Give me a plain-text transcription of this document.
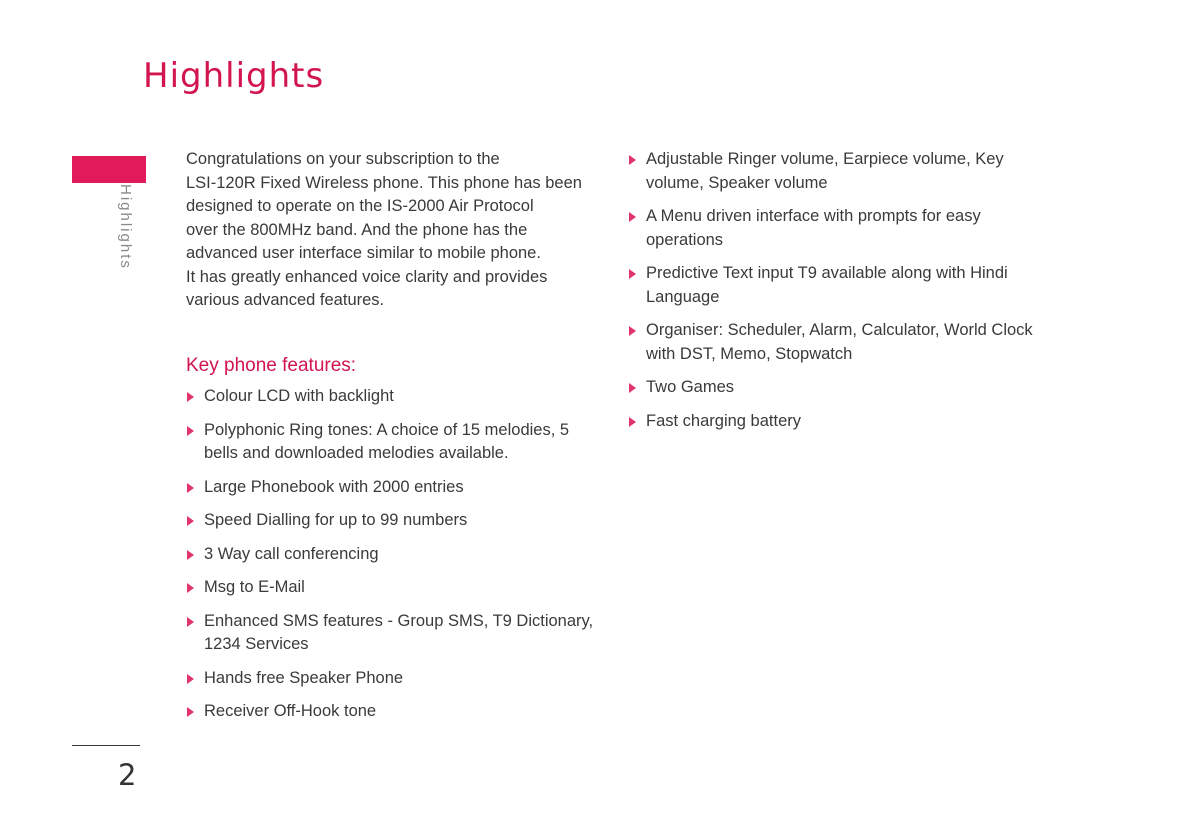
Highlights
Highlights

Congratulations on your subscription to the
LSI-120R Fixed Wireless phone. This phone has been
designed to operate on the IS-2000 Air Protocol
over the 800MHz band. And the phone has the
advanced user interface similar to mobile phone.
It has greatly enhanced voice clarity and provides
various advanced features.

Key phone features:
Colour LCD with backlight
Polyphonic Ring tones: A choice of 15 melodies, 5 bells and downloaded melodies available.
Large Phonebook with 2000 entries
Speed Dialling for up to 99 numbers
3 Way call conferencing
Msg to E-Mail
Enhanced SMS features - Group SMS, T9 Dictionary, 1234 Services
Hands free Speaker Phone
Receiver Off-Hook tone
Adjustable Ringer volume, Earpiece volume, Key volume, Speaker volume
A Menu driven interface with prompts for easy operations
Predictive Text input T9 available along with Hindi Language
Organiser: Scheduler, Alarm, Calculator, World Clock with DST, Memo, Stopwatch
Two Games
Fast charging battery
2
